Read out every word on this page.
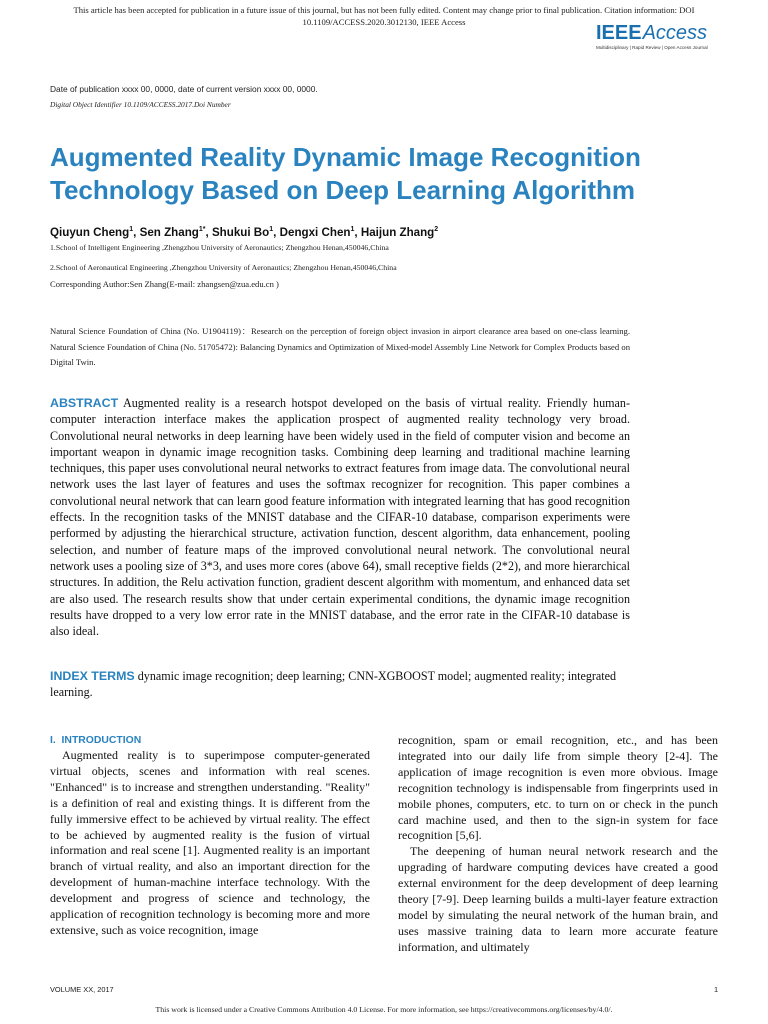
This article has been accepted for publication in a future issue of this journal, but has not been fully edited. Content may change prior to final publication. Citation information: DOI
10.1109/ACCESS.2020.3012130, IEEE Access	IEEEAccess
Multidisciplinary | Rapid Review | Open Access Journal
Date of publication xxxx 00, 0000, date of current version xxxx 00, 0000.
Digital Object Identifier 10.1109/ACCESS.2017.Doi Number
Augmented Reality Dynamic Image Recognition
Technology Based on Deep Learning Algorithm
Qiuyun Cheng$^1$, Sen Zhang$^{1*}$, Shukui Bo$^1$, Dengxi Chen$^1$, Haijun Zhang$^2$
1.School of Intelligent Engineering ,Zhengzhou University of Aeronautics; Zhengzhou Henan,450046,China
2.School of Aeronautical Engineering ,Zhengzhou University of Aeronautics; Zhengzhou Henan,450046,China
Corresponding Author:Sen Zhang(E-mail: zhangsen@zua.edu.cn )
Natural Science Foundation of China (No. U1904119)：Research on the perception of foreign object invasion in airport clearance area based on one-class learning. Natural Science Foundation of China (No. 51705472): Balancing Dynamics and Optimization of Mixed-model Assembly Line Network for Complex Products based on Digital Twin.
ABSTRACT Augmented reality is a research hotspot developed on the basis of virtual reality. Friendly human-computer interaction interface makes the application prospect of augmented reality technology very broad. Convolutional neural networks in deep learning have been widely used in the field of computer vision and become an important weapon in dynamic image recognition tasks. Combining deep learning and traditional machine learning techniques, this paper uses convolutional neural networks to extract features from image data. The convolutional neural network uses the last layer of features and uses the softmax recognizer for recognition. This paper combines a convolutional neural network that can learn good feature information with integrated learning that has good recognition effects. In the recognition tasks of the MNIST database and the CIFAR-10 database, comparison experiments were performed by adjusting the hierarchical structure, activation function, descent algorithm, data enhancement, pooling selection, and number of feature maps of the improved convolutional neural network. The convolutional neural network uses a pooling size of 3*3, and uses more cores (above 64), small receptive fields (2*2), and more hierarchical structures. In addition, the Relu activation function, gradient descent algorithm with momentum, and enhanced data set are also used. The research results show that under certain experimental conditions, the dynamic image recognition results have dropped to a very low error rate in the MNIST database, and the error rate in the CIFAR-10 database is also ideal.
INDEX TERMS dynamic image recognition; deep learning; CNN-XGBOOST model; augmented reality; integrated learning.
I.  INTRODUCTION

Augmented reality is to superimpose computer-generated virtual objects, scenes and information with real scenes. "Enhanced" is to increase and strengthen understanding. "Reality" is a definition of real and existing things. It is different from the fully immersive effect to be achieved by virtual reality. The effect to be achieved by augmented reality is the fusion of virtual information and real scene [1]. Augmented reality is an important branch of virtual reality, and also an important direction for the development of human-machine interface technology. With the development and progress of science and technology, the application of recognition technology is becoming more and more extensive, such as voice recognition, image

recognition, spam or email recognition, etc., and has been integrated into our daily life from simple theory [2-4]. The application of image recognition is even more obvious. Image recognition technology is indispensable from fingerprints used in mobile phones, computers, etc. to turn on or check in the punch card machine used, and then to the sign-in system for face recognition [5,6].

The deepening of human neural network research and the upgrading of hardware computing devices have created a good external environment for the deep development of deep learning theory [7-9]. Deep learning builds a multi-layer feature extraction model by simulating the neural network of the human brain, and uses massive training data to learn more accurate feature information, and ultimately

VOLUME XX, 2017	1
This work is licensed under a Creative Commons Attribution 4.0 License. For more information, see https://creativecommons.org/licenses/by/4.0/.
